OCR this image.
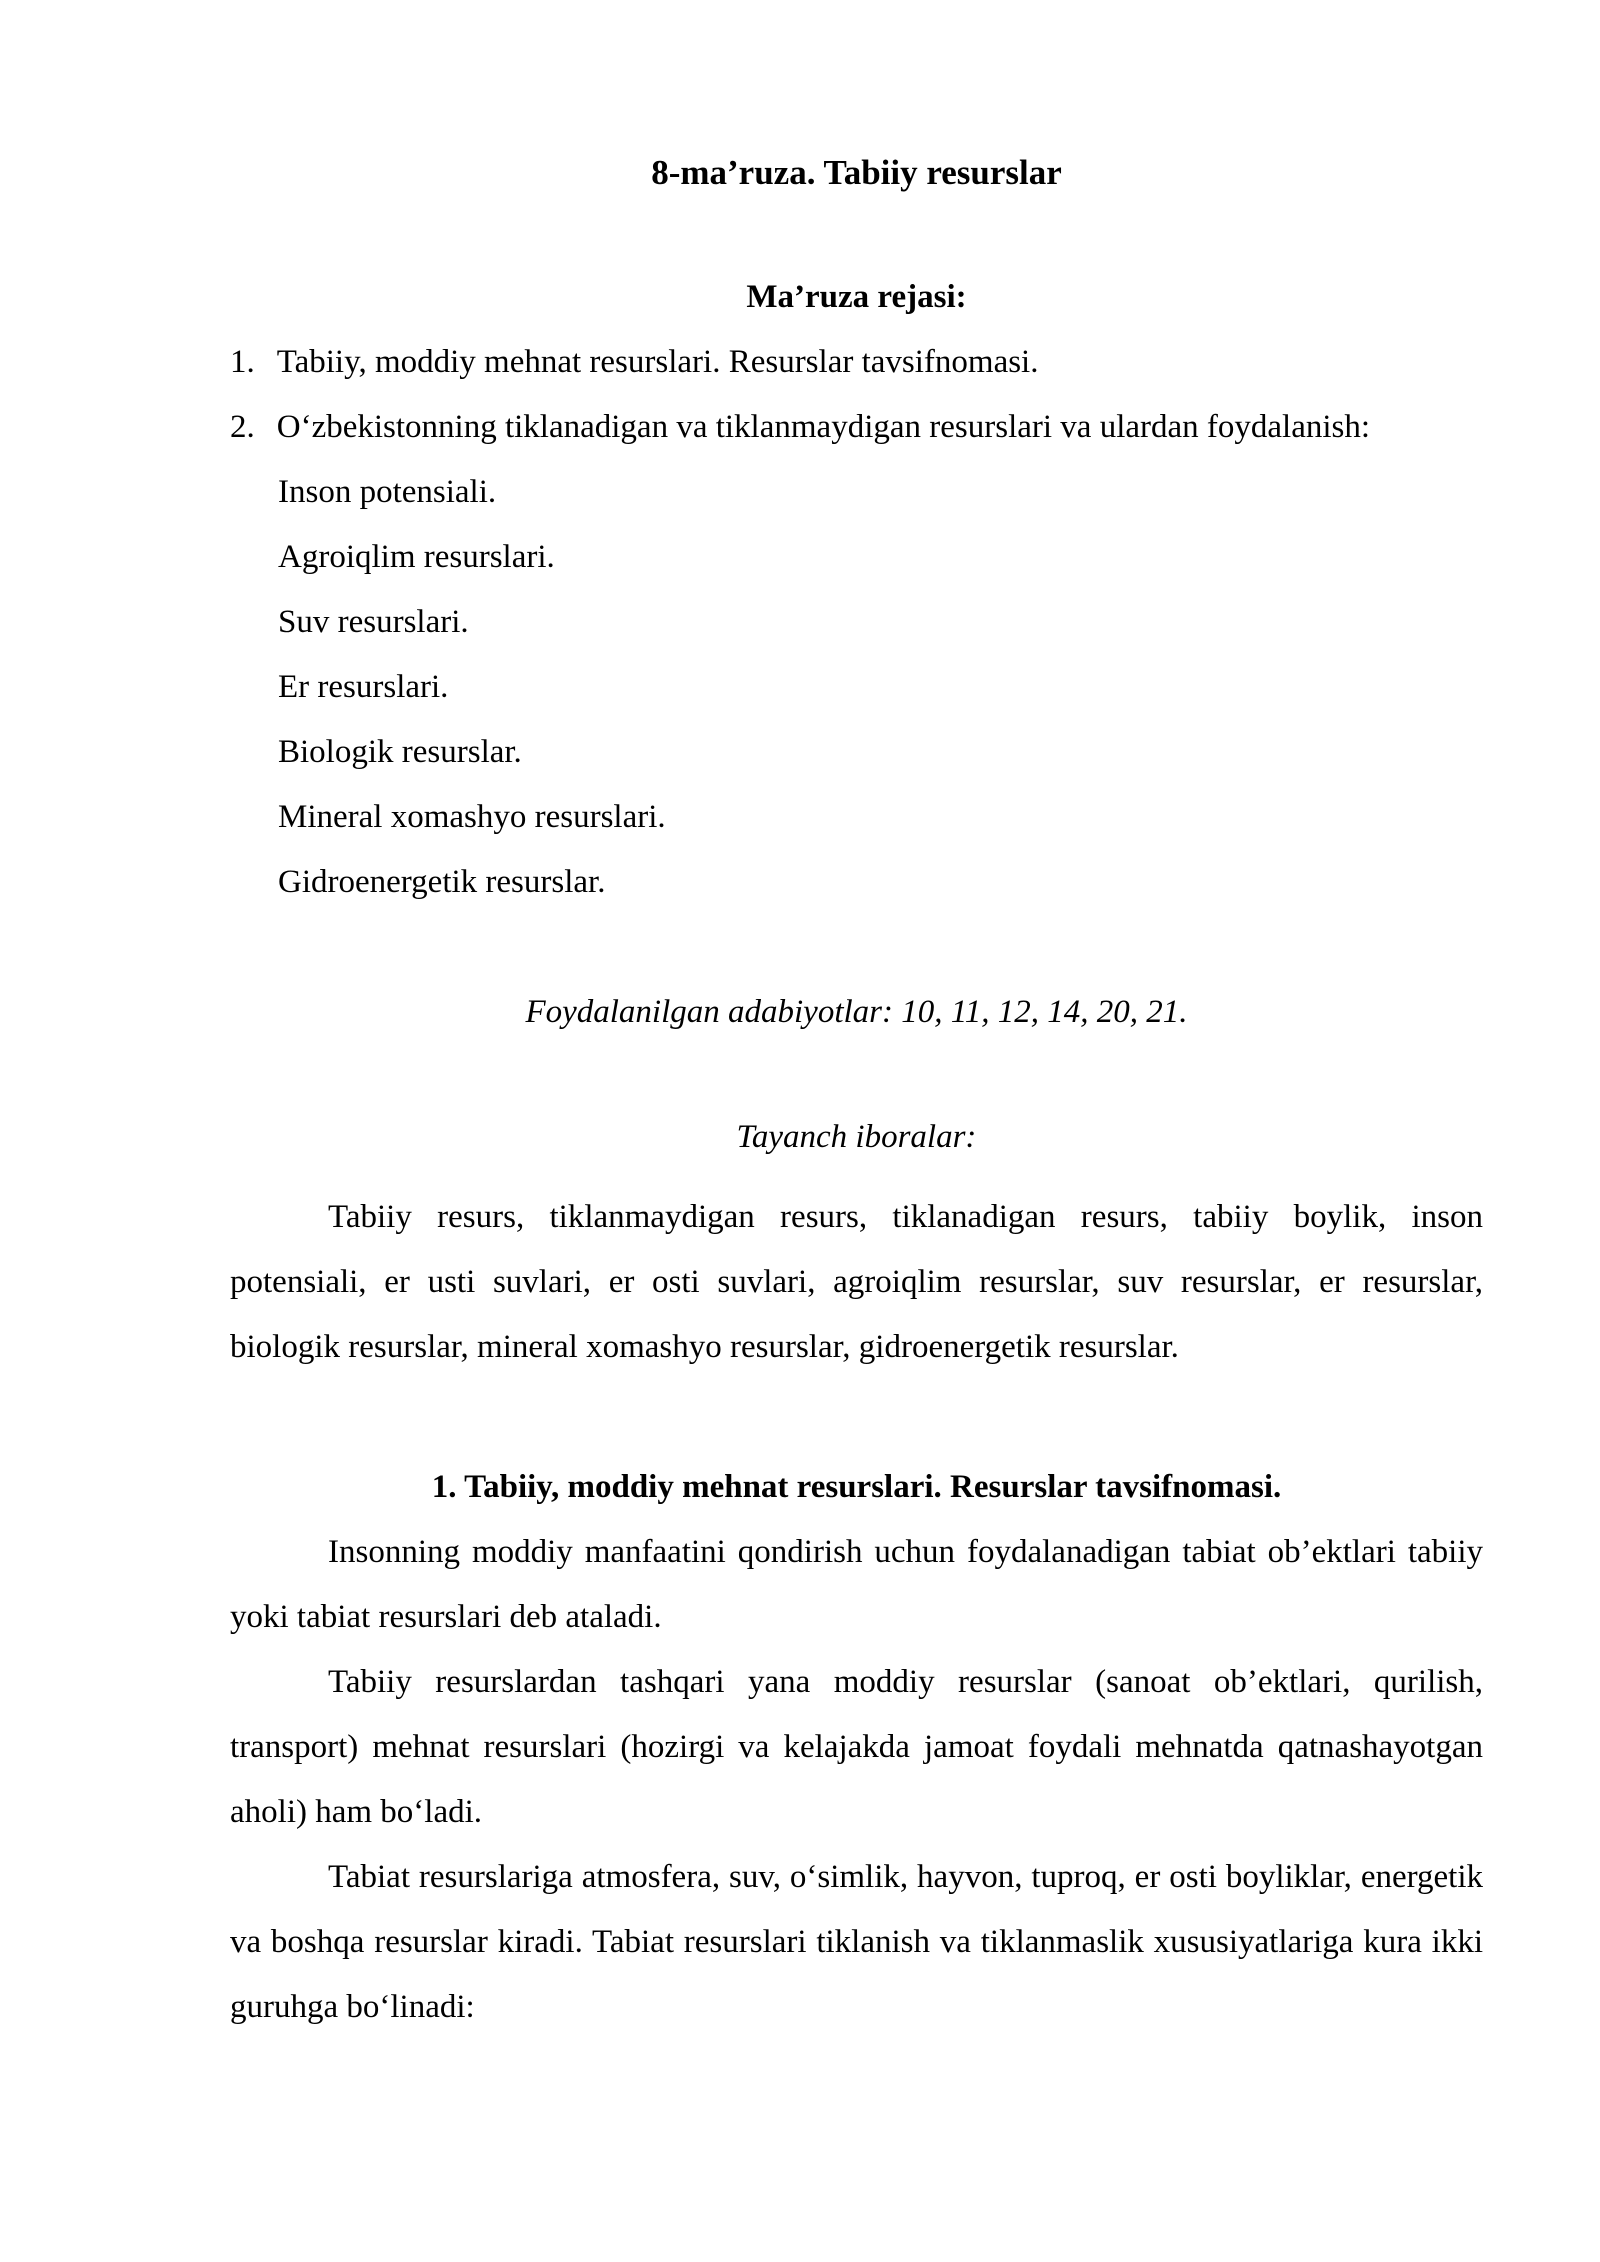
8-ma’ruza. Tabiiy resurslar

Ma’ruza rejasi:

1. Tabiiy, moddiy mehnat resurslari. Resurslar tavsifnomasi.

2. Oʻzbekistonning tiklanadigan va tiklanmaydigan resurslari va ulardan foydalanish:

Inson potensiali.

Agroiqlim resurslari.

Suv resurslari.

Er resurslari.

Biologik resurslar.

Mineral xomashyo resurslari.

Gidroenergetik resurslar.

Foydalanilgan adabiyotlar: 10, 11, 12, 14, 20, 21.

Tayanch iboralar:

Tabiiy resurs, tiklanmaydigan resurs, tiklanadigan resurs, tabiiy boylik, inson potensiali, er usti suvlari, er osti suvlari, agroiqlim resurslar, suv resurslar, er resurslar, biologik resurslar, mineral xomashyo resurslar, gidroenergetik resurslar.

1. Tabiiy, moddiy mehnat resurslari. Resurslar tavsifnomasi.

Insonning moddiy manfaatini qondirish uchun foydalanadigan tabiat ob’ektlari tabiiy yoki tabiat resurslari deb ataladi.

Tabiiy resurslardan tashqari yana moddiy resurslar (sanoat ob’ektlari, qurilish, transport) mehnat resurslari (hozirgi va kelajakda jamoat foydali mehnatda qatnashayotgan aholi) ham boʻladi.

Tabiat resurslariga atmosfera, suv, oʻsimlik, hayvon, tuproq, er osti boyliklar, energetik va boshqa resurslar kiradi. Tabiat resurslari tiklanish va tiklanmaslik xususiyatlariga kura ikki guruhga boʻlinadi:
